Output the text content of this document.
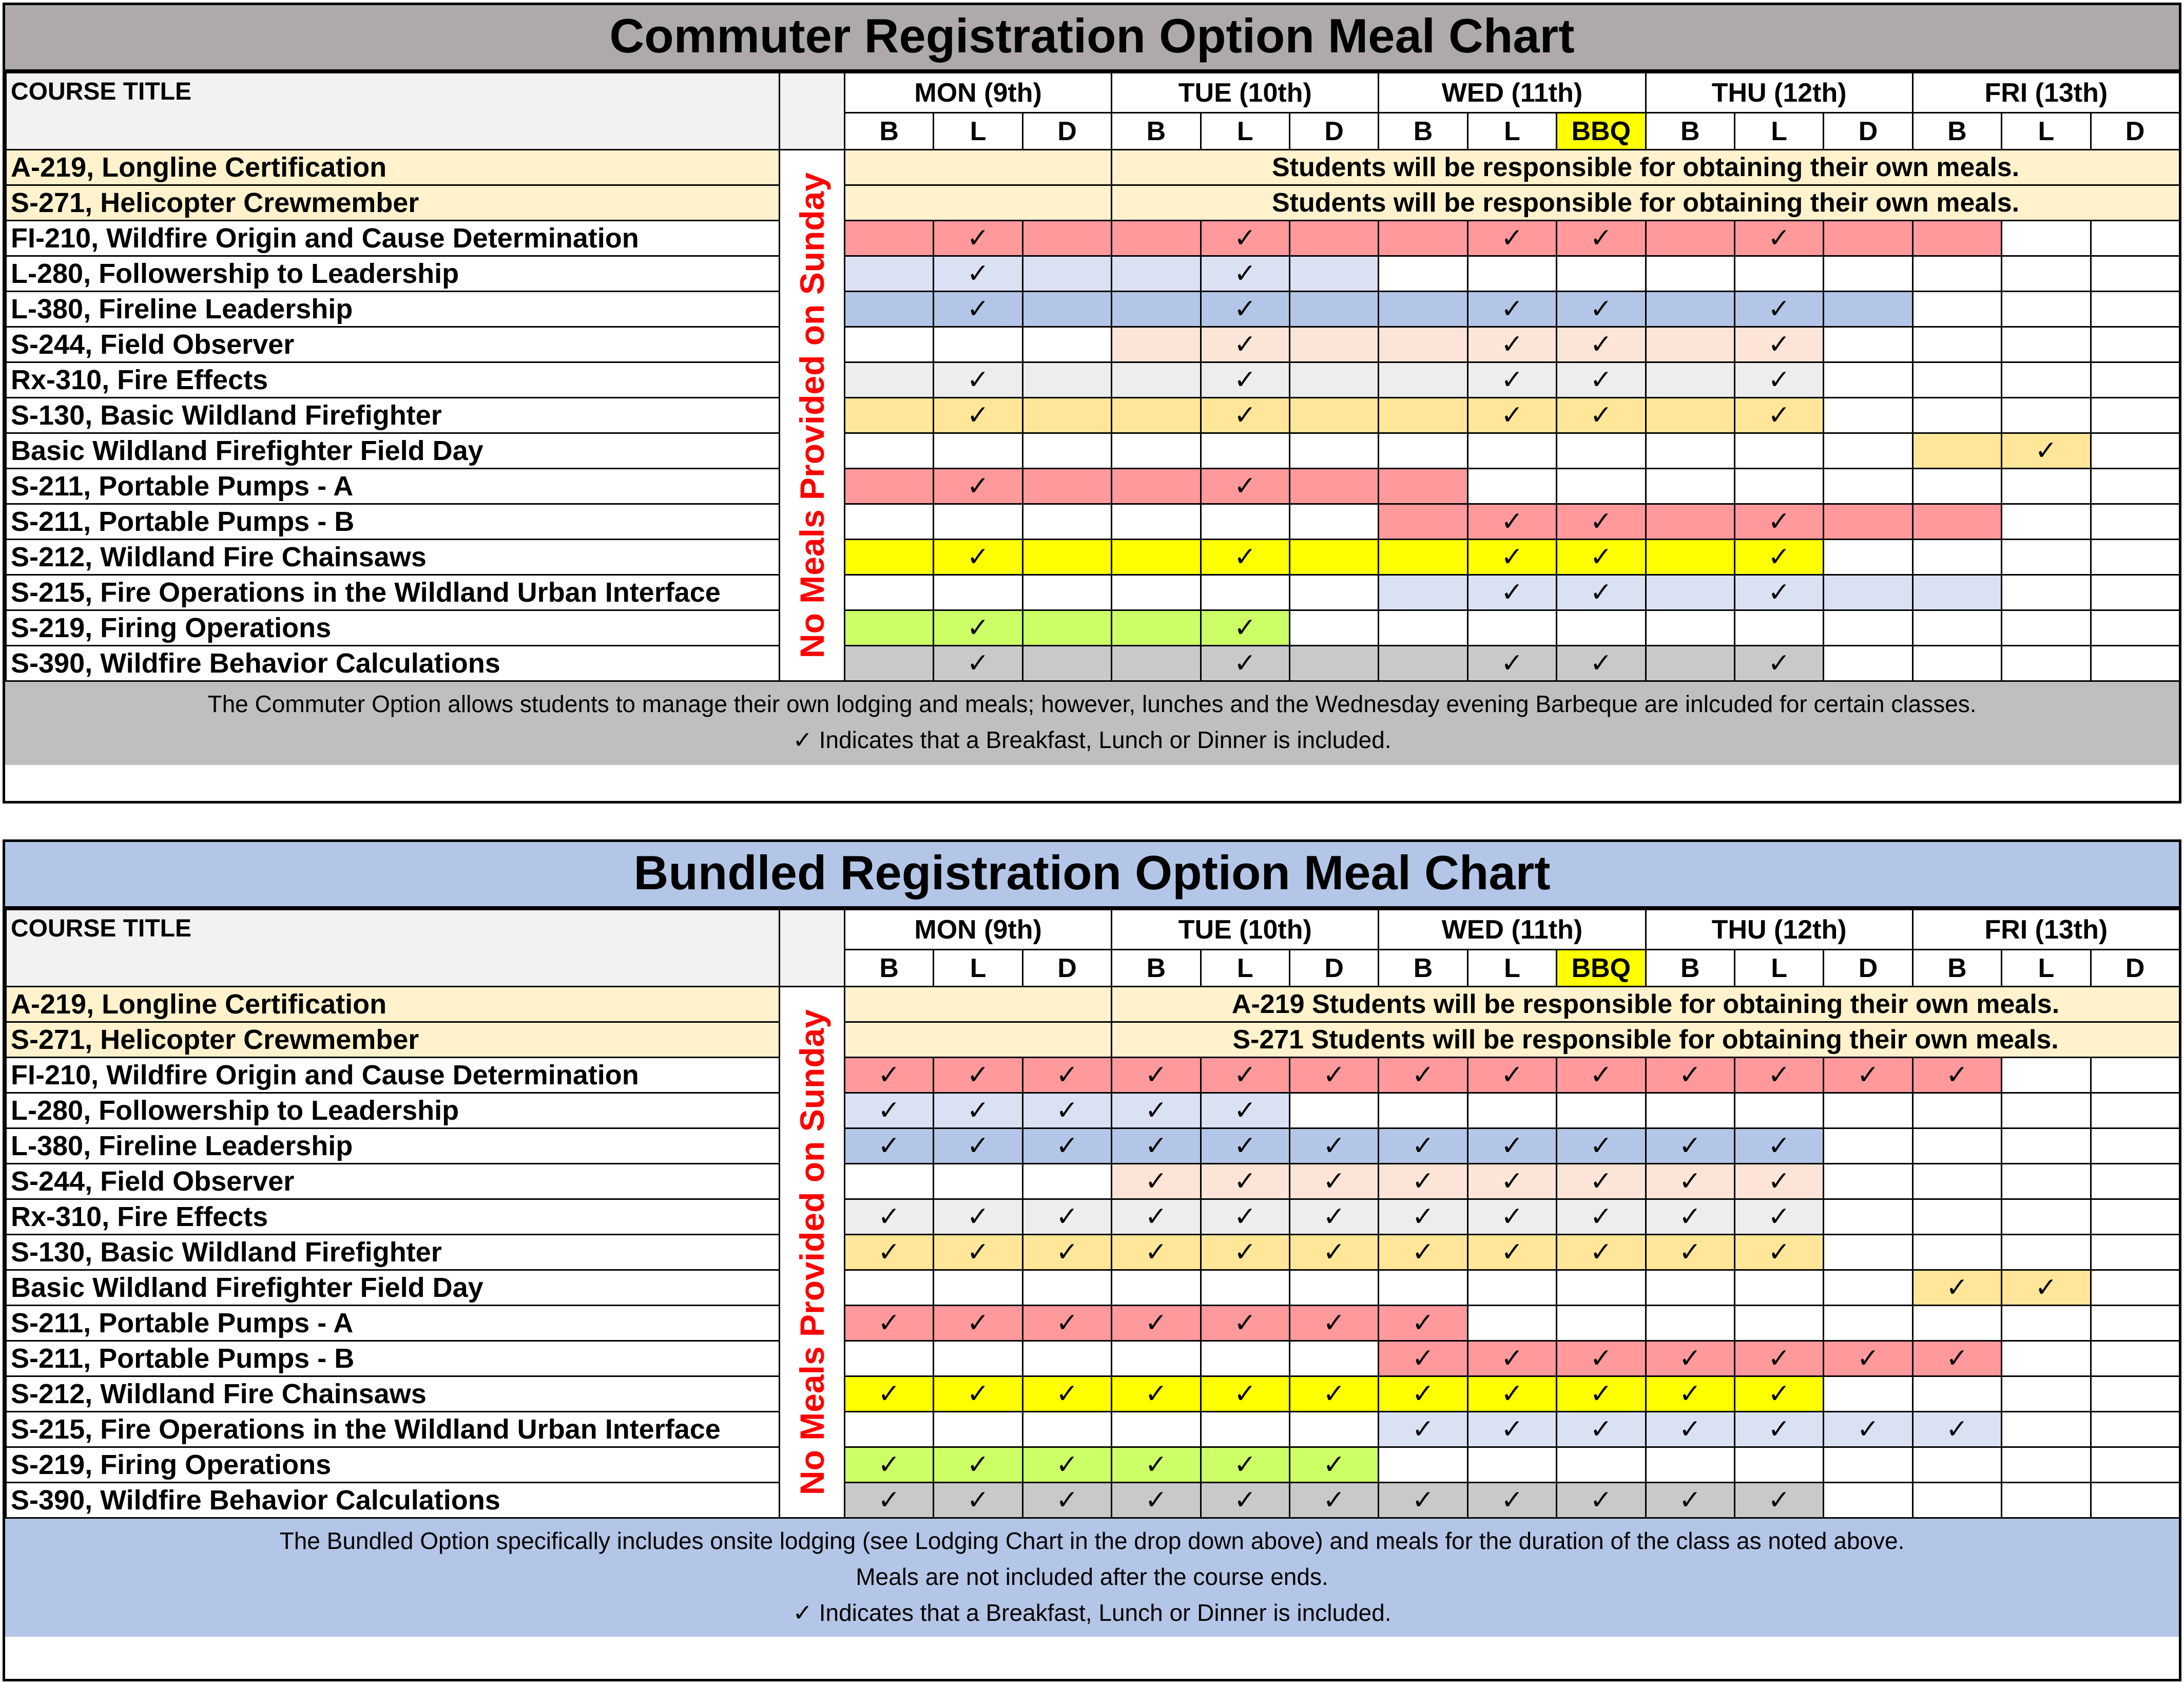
Commuter Registration Option Meal Chart
COURSE TITLE		MON (9th)			TUE (10th)			WED (11th)			THU (12th)			FRI (13th)		
		B	L	D	B	L	D	B	L	BBQ	B	L	D	B	L	D
A-219, Longline Certification	No Meals Provided on Sunday				Students will be responsible for obtaining their own meals.											
S-271, Helicopter Crewmember					Students will be responsible for obtaining their own meals.											
FI-210, Wildfire Origin and Cause Determination			✓			✓			✓	✓		✓				
L-280, Followership to Leadership			✓			✓										
L-380, Fireline Leadership			✓			✓			✓	✓		✓				
S-244, Field Observer						✓			✓	✓		✓				
Rx-310, Fire Effects			✓			✓			✓	✓		✓				
S-130, Basic Wildland Firefighter			✓			✓			✓	✓		✓				
Basic Wildland Firefighter Field Day															✓	
S-211, Portable Pumps - A			✓			✓										
S-211, Portable Pumps - B									✓	✓		✓				
S-212, Wildland Fire Chainsaws			✓			✓			✓	✓		✓				
S-215, Fire Operations in the Wildland Urban Interface									✓	✓		✓				
S-219, Firing Operations			✓			✓										
S-390, Wildfire Behavior Calculations			✓			✓			✓	✓		✓				
The Commuter Option allows students to manage their own lodging and meals; however, lunches and the Wednesday evening Barbeque are inlcuded for certain classes.
✓ Indicates that a Breakfast, Lunch or Dinner is included.
Bundled Registration Option Meal Chart
COURSE TITLE		MON (9th)			TUE (10th)			WED (11th)			THU (12th)			FRI (13th)		
		B	L	D	B	L	D	B	L	BBQ	B	L	D	B	L	D
A-219, Longline Certification	No Meals Provided on Sunday				A-219 Students will be responsible for obtaining their own meals.											
S-271, Helicopter Crewmember					S-271 Students will be responsible for obtaining their own meals.											
FI-210, Wildfire Origin and Cause Determination		✓	✓	✓	✓	✓	✓	✓	✓	✓	✓	✓	✓	✓		
L-280, Followership to Leadership		✓	✓	✓	✓	✓										
L-380, Fireline Leadership		✓	✓	✓	✓	✓	✓	✓	✓	✓	✓	✓				
S-244, Field Observer					✓	✓	✓	✓	✓	✓	✓	✓				
Rx-310, Fire Effects		✓	✓	✓	✓	✓	✓	✓	✓	✓	✓	✓				
S-130, Basic Wildland Firefighter		✓	✓	✓	✓	✓	✓	✓	✓	✓	✓	✓				
Basic Wildland Firefighter Field Day														✓	✓	
S-211, Portable Pumps - A		✓	✓	✓	✓	✓	✓	✓								
S-211, Portable Pumps - B								✓	✓	✓	✓	✓	✓	✓		
S-212, Wildland Fire Chainsaws		✓	✓	✓	✓	✓	✓	✓	✓	✓	✓	✓				
S-215, Fire Operations in the Wildland Urban Interface								✓	✓	✓	✓	✓	✓	✓		
S-219, Firing Operations		✓	✓	✓	✓	✓	✓									
S-390, Wildfire Behavior Calculations		✓	✓	✓	✓	✓	✓	✓	✓	✓	✓	✓				
The Bundled Option specifically includes onsite lodging (see Lodging Chart in the drop down above) and meals for the duration of the class as noted above.
Meals are not included after the course ends.
✓ Indicates that a Breakfast, Lunch or Dinner is included.
